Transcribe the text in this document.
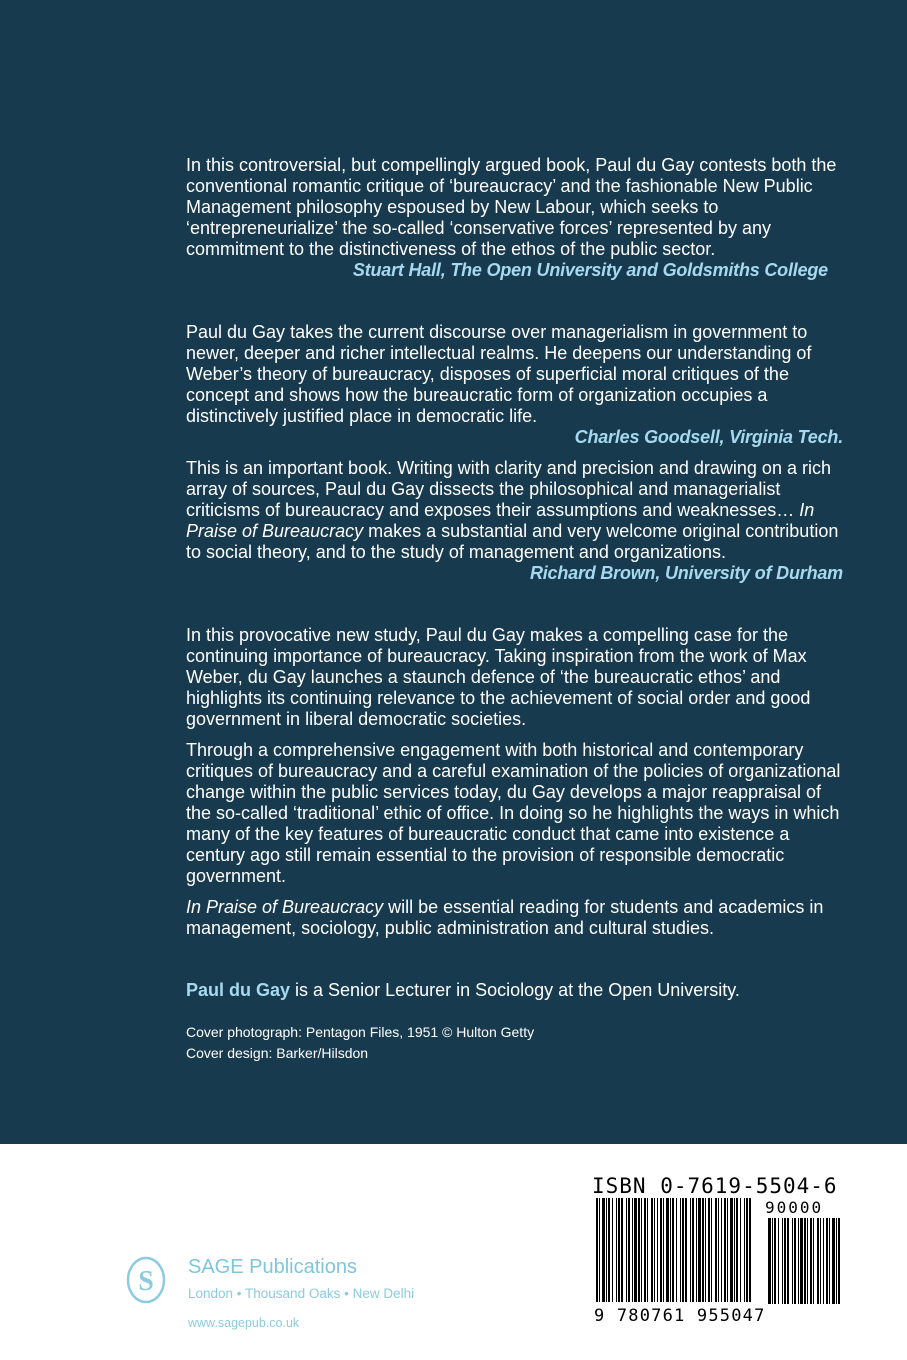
In this controversial, but compellingly argued book, Paul du Gay contests both the conventional romantic critique of ‘bureaucracy’ and the fashionable New Public Management philosophy espoused by New Labour, which seeks to ‘entrepreneurialize’ the so-called ‘conservative forces’ represented by any commitment to the distinctiveness of the ethos of the public sector.

Stuart Hall, The Open University and Goldsmiths College

Paul du Gay takes the current discourse over managerialism in government to newer, deeper and richer intellectual realms. He deepens our understanding of Weber’s theory of bureaucracy, disposes of superficial moral critiques of the concept and shows how the bureaucratic form of organization occupies a distinctively justified place in democratic life.

Charles Goodsell, Virginia Tech.

This is an important book. Writing with clarity and precision and drawing on a rich array of sources, Paul du Gay dissects the philosophical and managerialist criticisms of bureaucracy and exposes their assumptions and weaknesses… In Praise of Bureaucracy makes a substantial and very welcome original contribution to social theory, and to the study of management and organizations.

Richard Brown, University of Durham

In this provocative new study, Paul du Gay makes a compelling case for the continuing importance of bureaucracy. Taking inspiration from the work of Max Weber, du Gay launches a staunch defence of ‘the bureaucratic ethos’ and highlights its continuing relevance to the achievement of social order and good government in liberal democratic societies.

Through a comprehensive engagement with both historical and contemporary critiques of bureaucracy and a careful examination of the policies of organizational change within the public services today, du Gay develops a major reappraisal of the so-called ‘traditional’ ethic of office. In doing so he highlights the ways in which many of the key features of bureaucratic conduct that came into existence a century ago still remain essential to the provision of responsible democratic government.

In Praise of Bureaucracy will be essential reading for students and academics in management, sociology, public administration and cultural studies.

Paul du Gay is a Senior Lecturer in Sociology at the Open University.

Cover photograph: Pentagon Files, 1951 © Hulton Getty

Cover design: Barker/Hilsdon

S SAGE Publications

London • Thousand Oaks • New Delhi

www.sagepub.co.uk

ISBN 0-7619-5504-6

90000

9 780761 955047
